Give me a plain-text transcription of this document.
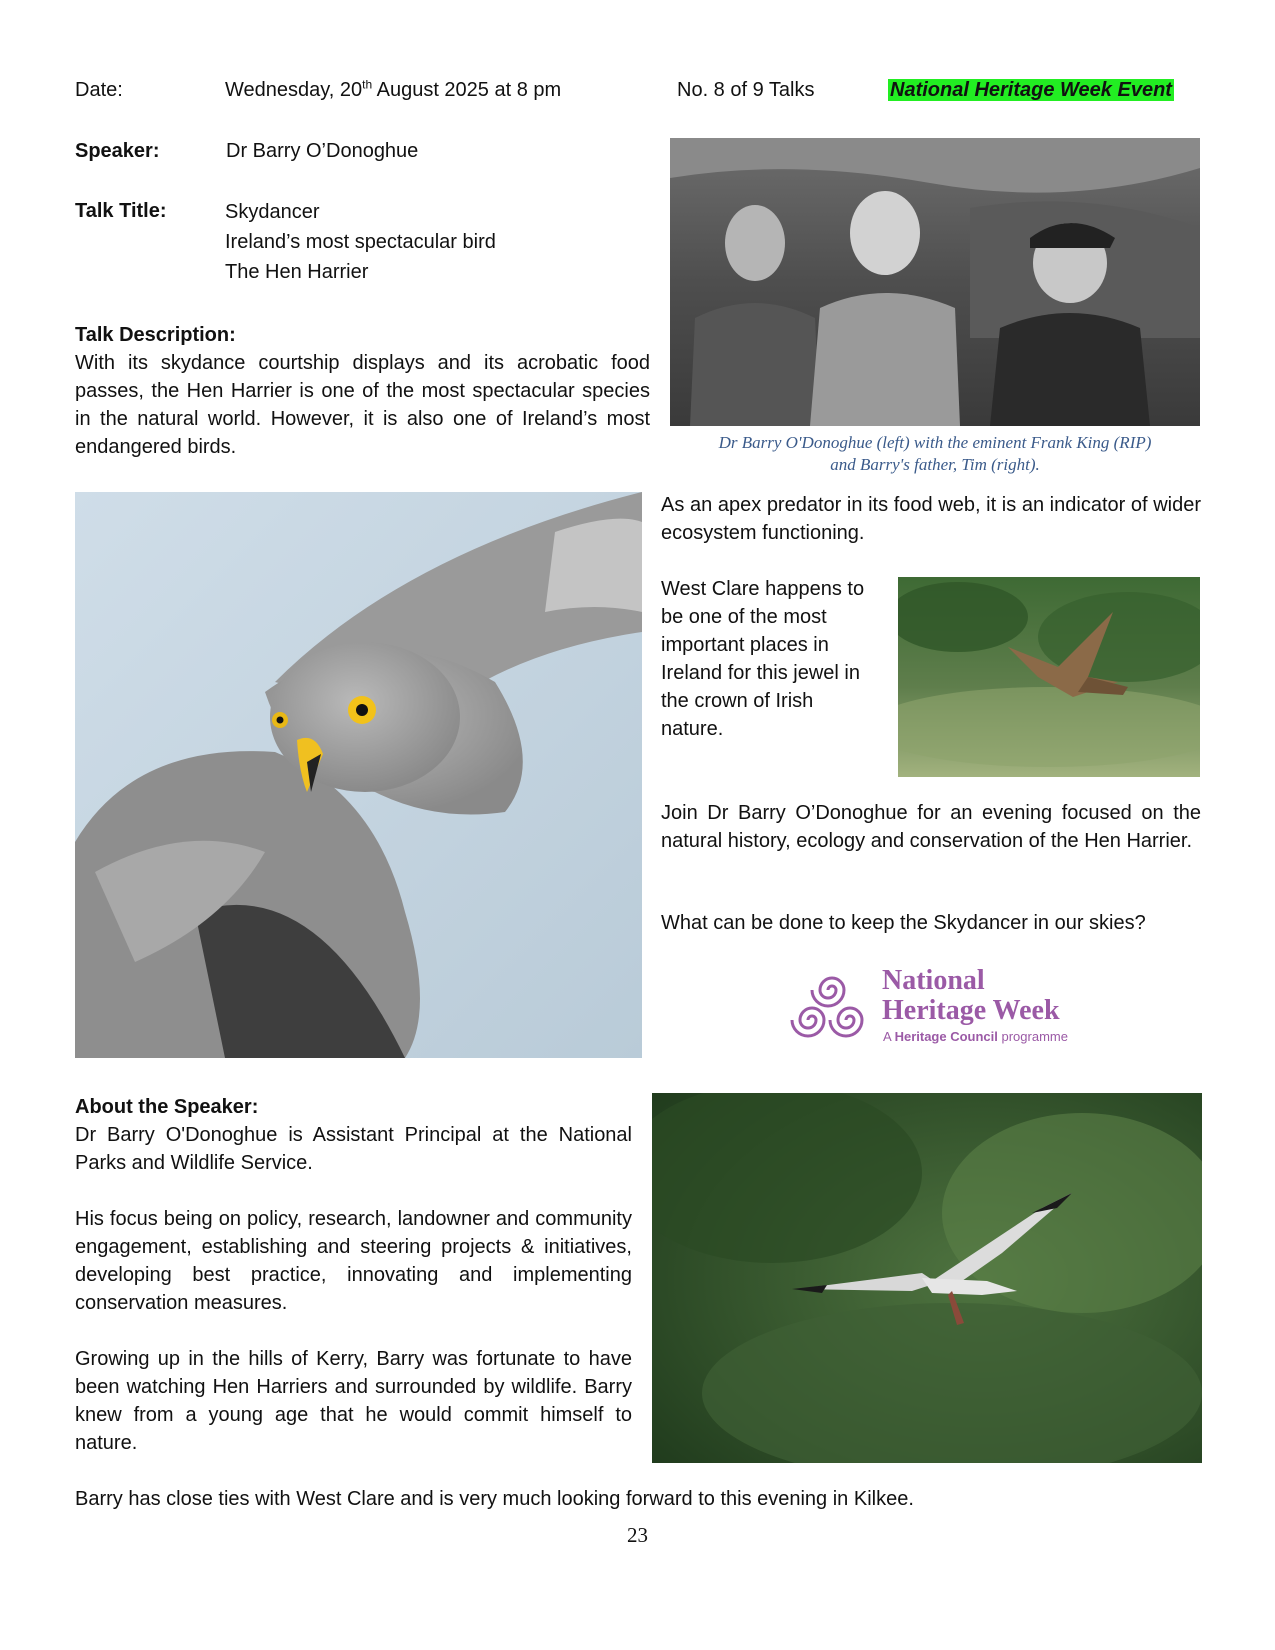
Date:	Wednesday, 20th August 2025 at 8 pm	No. 8 of 9 Talks	National Heritage Week Event
Speaker:	Dr Barry O’Donoghue
Talk Title:	Skydancer
Ireland’s most spectacular bird
The Hen Harrier
Talk Description:
With its skydance courtship displays and its acrobatic food passes, the Hen Harrier is one of the most spectacular species in the natural world. However, it is also one of Ireland’s most endangered birds.	Dr Barry O'Donoghue (left) with the eminent Frank King (RIP)
and Barry's father, Tim (right).
As an apex predator in its food web, it is an indicator of wider ecosystem functioning.
West Clare happens to be one of the most important places in Ireland for this jewel in the crown of Irish nature.
Join Dr Barry O’Donoghue for an evening focused on the natural history, ecology and conservation of the Hen Harrier.
What can be done to keep the Skydancer in our skies?
National
Heritage Week
A Heritage Council programme
About the Speaker:
Dr Barry O'Donoghue is Assistant Principal at the National Parks and Wildlife Service.
His focus being on policy, research, landowner and community engagement, establishing and steering projects & initiatives, developing best practice, innovating and implementing conservation measures.
Growing up in the hills of Kerry, Barry was fortunate to have been watching Hen Harriers and surrounded by wildlife. Barry knew from a young age that he would commit himself to nature.
Barry has close ties with West Clare and is very much looking forward to this evening in Kilkee.
23
